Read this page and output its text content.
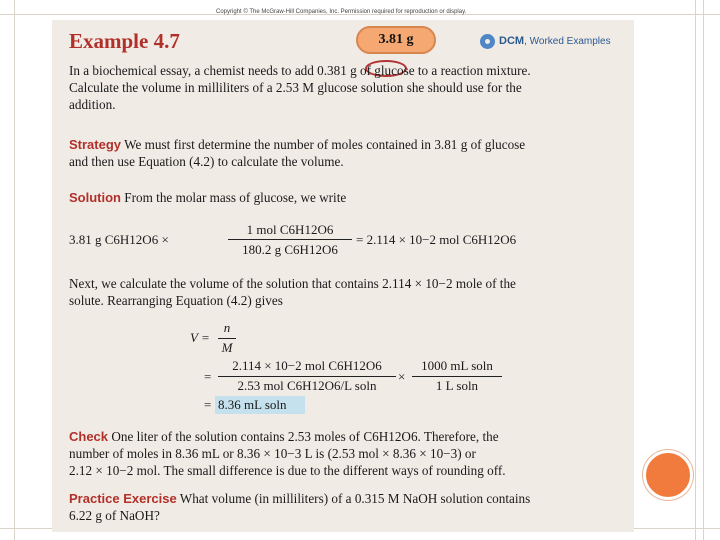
Copyright © The McGraw-Hill Companies, Inc. Permission required for reproduction or display.
Example 4.7	3.81 g	DCM, Worked Examples
In a biochemical essay, a chemist needs to add 0.381 g of glucose to a reaction mixture.
Calculate the volume in milliliters of a 2.53 M glucose solution she should use for the
addition.
Strategy We must first determine the number of moles contained in 3.81 g of glucose
and then use Equation (4.2) to calculate the volume.
Solution From the molar mass of glucose, we write
3.81 g C6H12O6 ×
1 mol C6H12O6
180.2 g C6H12O6
= 2.114 × 10−2 mol C6H12O6
Next, we calculate the volume of the solution that contains 2.114 × 10−2 mole of the
solute. Rearranging Equation (4.2) gives
V =
n
M
=
2.114 × 10−2 mol C6H12O6
2.53 mol C6H12O6/L soln
×
1000 mL soln
1 L soln
= 8.36 mL soln
Check One liter of the solution contains 2.53 moles of C6H12O6. Therefore, the
number of moles in 8.36 mL or 8.36 × 10−3 L is (2.53 mol × 8.36 × 10−3) or
2.12 × 10−2 mol. The small difference is due to the different ways of rounding off.
Practice Exercise What volume (in milliliters) of a 0.315 M NaOH solution contains
6.22 g of NaOH?
